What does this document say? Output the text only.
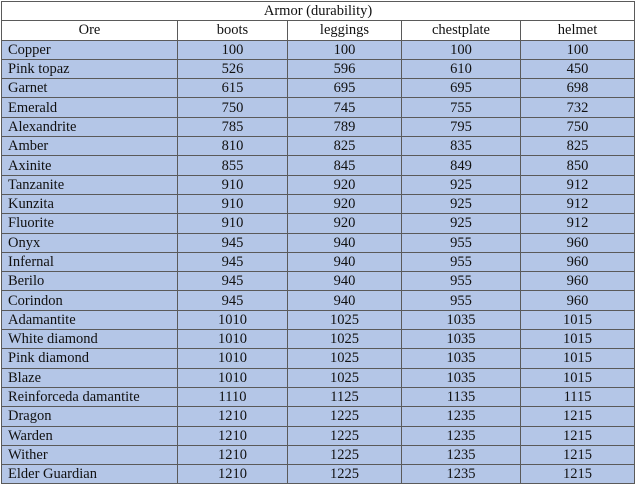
Armor (durability)				
Ore	boots	leggings	chestplate	helmet
Copper	100	100	100	100
Pink topaz	526	596	610	450
Garnet	615	695	695	698
Emerald	750	745	755	732
Alexandrite	785	789	795	750
Amber	810	825	835	825
Axinite	855	845	849	850
Tanzanite	910	920	925	912
Kunzita	910	920	925	912
Fluorite	910	920	925	912
Onyx	945	940	955	960
Infernal	945	940	955	960
Berilo	945	940	955	960
Corindon	945	940	955	960
Adamantite	1010	1025	1035	1015
White diamond	1010	1025	1035	1015
Pink diamond	1010	1025	1035	1015
Blaze	1010	1025	1035	1015
Reinforceda damantite	1110	1125	1135	1115
Dragon	1210	1225	1235	1215
Warden	1210	1225	1235	1215
Wither	1210	1225	1235	1215
Elder Guardian	1210	1225	1235	1215
